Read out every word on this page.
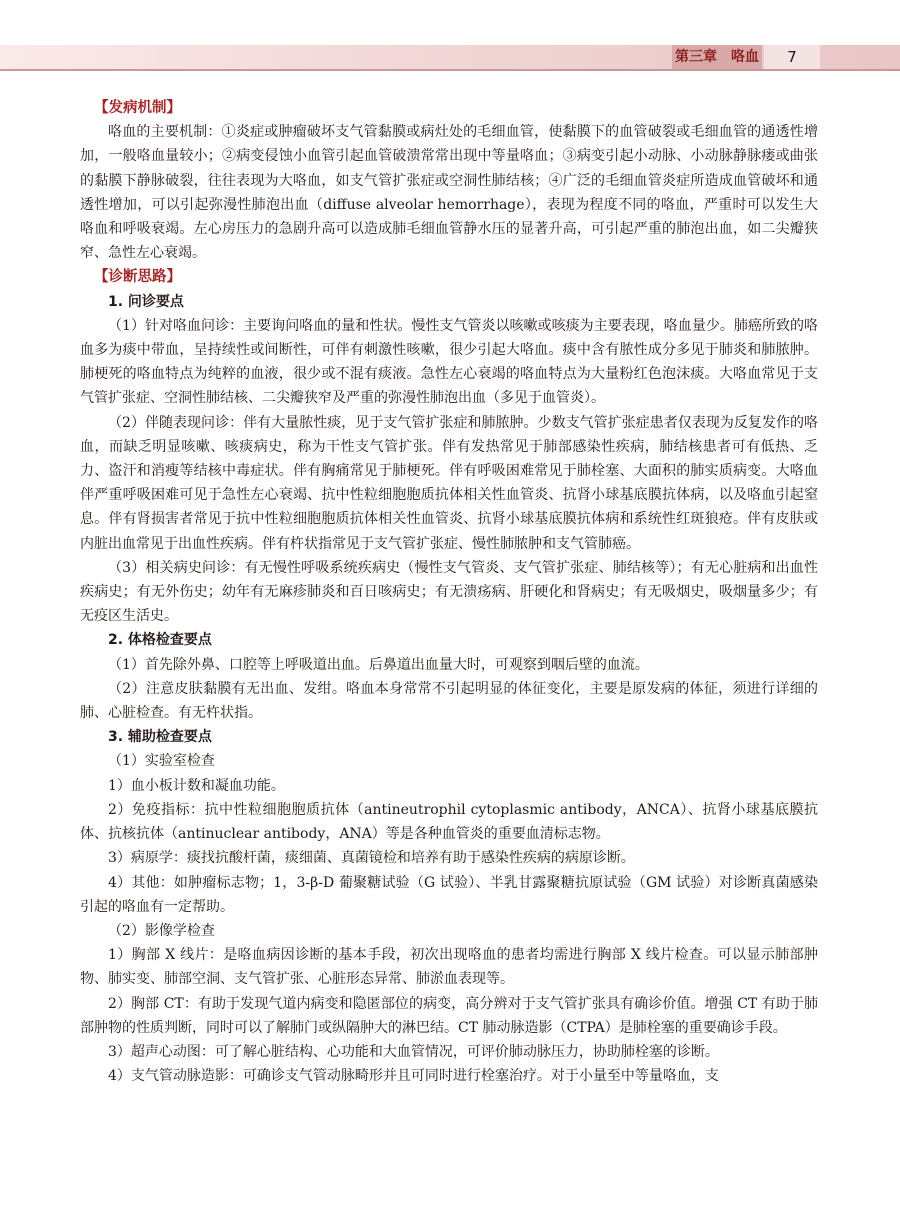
第三章　咯血	7

【发病机制】

咯血的主要机制：①炎症或肿瘤破坏支气管黏膜或病灶处的毛细血管，使黏膜下的血管破裂或毛细血管的通透性增加，一般咯血量较小；②病变侵蚀小血管引起血管破溃常常出现中等量咯血；③病变引起小动脉、小动脉静脉瘘或曲张的黏膜下静脉破裂，往往表现为大咯血，如支气管扩张症或空洞性肺结核；④广泛的毛细血管炎症所造成血管破坏和通透性增加，可以引起弥漫性肺泡出血（diffuse alveolar hemorrhage），表现为程度不同的咯血，严重时可以发生大咯血和呼吸衰竭。左心房压力的急剧升高可以造成肺毛细血管静水压的显著升高，可引起严重的肺泡出血，如二尖瓣狭窄、急性左心衰竭。

【诊断思路】

1. 问诊要点

（1）针对咯血问诊：主要询问咯血的量和性状。慢性支气管炎以咳嗽或咳痰为主要表现，咯血量少。肺癌所致的咯血多为痰中带血，呈持续性或间断性，可伴有刺激性咳嗽，很少引起大咯血。痰中含有脓性成分多见于肺炎和肺脓肿。肺梗死的咯血特点为纯粹的血液，很少或不混有痰液。急性左心衰竭的咯血特点为大量粉红色泡沫痰。大咯血常见于支气管扩张症、空洞性肺结核、二尖瓣狭窄及严重的弥漫性肺泡出血（多见于血管炎）。

（2）伴随表现问诊：伴有大量脓性痰，见于支气管扩张症和肺脓肿。少数支气管扩张症患者仅表现为反复发作的咯血，而缺乏明显咳嗽、咳痰病史，称为干性支气管扩张。伴有发热常见于肺部感染性疾病，肺结核患者可有低热、乏力、盗汗和消瘦等结核中毒症状。伴有胸痛常见于肺梗死。伴有呼吸困难常见于肺栓塞、大面积的肺实质病变。大咯血伴严重呼吸困难可见于急性左心衰竭、抗中性粒细胞胞质抗体相关性血管炎、抗肾小球基底膜抗体病，以及咯血引起窒息。伴有肾损害者常见于抗中性粒细胞胞质抗体相关性血管炎、抗肾小球基底膜抗体病和系统性红斑狼疮。伴有皮肤或内脏出血常见于出血性疾病。伴有杵状指常见于支气管扩张症、慢性肺脓肿和支气管肺癌。

（3）相关病史问诊：有无慢性呼吸系统疾病史（慢性支气管炎、支气管扩张症、肺结核等）；有无心脏病和出血性疾病史；有无外伤史；幼年有无麻疹肺炎和百日咳病史；有无溃疡病、肝硬化和肾病史；有无吸烟史，吸烟量多少；有无疫区生活史。

2. 体格检查要点

（1）首先除外鼻、口腔等上呼吸道出血。后鼻道出血量大时，可观察到咽后壁的血流。

（2）注意皮肤黏膜有无出血、发绀。咯血本身常常不引起明显的体征变化，主要是原发病的体征，须进行详细的肺、心脏检查。有无杵状指。

3. 辅助检查要点

（1）实验室检查

1）血小板计数和凝血功能。

2）免疫指标：抗中性粒细胞胞质抗体（antineutrophil cytoplasmic antibody，ANCA）、抗肾小球基底膜抗体、抗核抗体（antinuclear antibody，ANA）等是各种血管炎的重要血清标志物。

3）病原学：痰找抗酸杆菌，痰细菌、真菌镜检和培养有助于感染性疾病的病原诊断。

4）其他：如肿瘤标志物；1，3-β-D 葡聚糖试验（G 试验）、半乳甘露聚糖抗原试验（GM 试验）对诊断真菌感染引起的咯血有一定帮助。

（2）影像学检查

1）胸部 X 线片：是咯血病因诊断的基本手段，初次出现咯血的患者均需进行胸部 X 线片检查。可以显示肺部肿物、肺实变、肺部空洞、支气管扩张、心脏形态异常、肺淤血表现等。

2）胸部 CT：有助于发现气道内病变和隐匿部位的病变，高分辨对于支气管扩张具有确诊价值。增强 CT 有助于肺部肿物的性质判断，同时可以了解肺门或纵隔肿大的淋巴结。CT 肺动脉造影（CTPA）是肺栓塞的重要确诊手段。

3）超声心动图：可了解心脏结构、心功能和大血管情况，可评价肺动脉压力，协助肺栓塞的诊断。

4）支气管动脉造影：可确诊支气管动脉畸形并且可同时进行栓塞治疗。对于小量至中等量咯血，支
